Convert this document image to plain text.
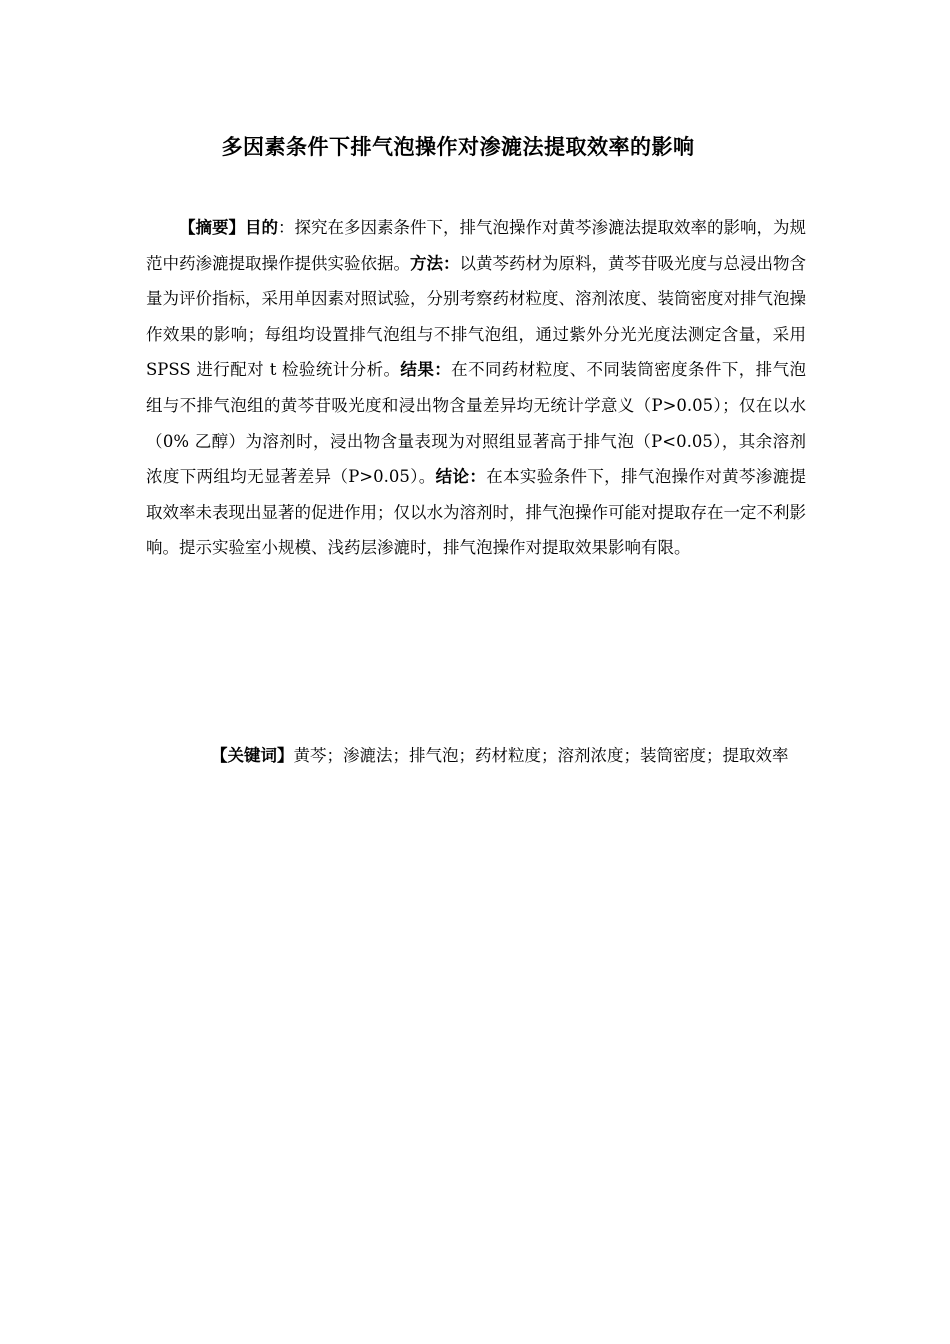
多因素条件下排气泡操作对渗漉法提取效率的影响
【摘要】目的：探究在多因素条件下，排气泡操作对黄芩渗漉法提取效率的影响，为规范中药渗漉提取操作提供实验依据。方法：以黄芩药材为原料，黄芩苷吸光度与总浸出物含量为评价指标，采用单因素对照试验，分别考察药材粒度、溶剂浓度、装筒密度对排气泡操作效果的影响；每组均设置排气泡组与不排气泡组，通过紫外分光光度法测定含量，采用 SPSS 进行配对 t 检验统计分析。结果：在不同药材粒度、不同装筒密度条件下，排气泡组与不排气泡组的黄芩苷吸光度和浸出物含量差异均无统计学意义（P>0.05）；仅在以水（0% 乙醇）为溶剂时，浸出物含量表现为对照组显著高于排气泡（P<0.05），其余溶剂浓度下两组均无显著差异（P>0.05）。结论：在本实验条件下，排气泡操作对黄芩渗漉提取效率未表现出显著的促进作用；仅以水为溶剂时，排气泡操作可能对提取存在一定不利影响。提示实验室小规模、浅药层渗漉时，排气泡操作对提取效果影响有限。
【关键词】黄芩；渗漉法；排气泡；药材粒度；溶剂浓度；装筒密度；提取效率
